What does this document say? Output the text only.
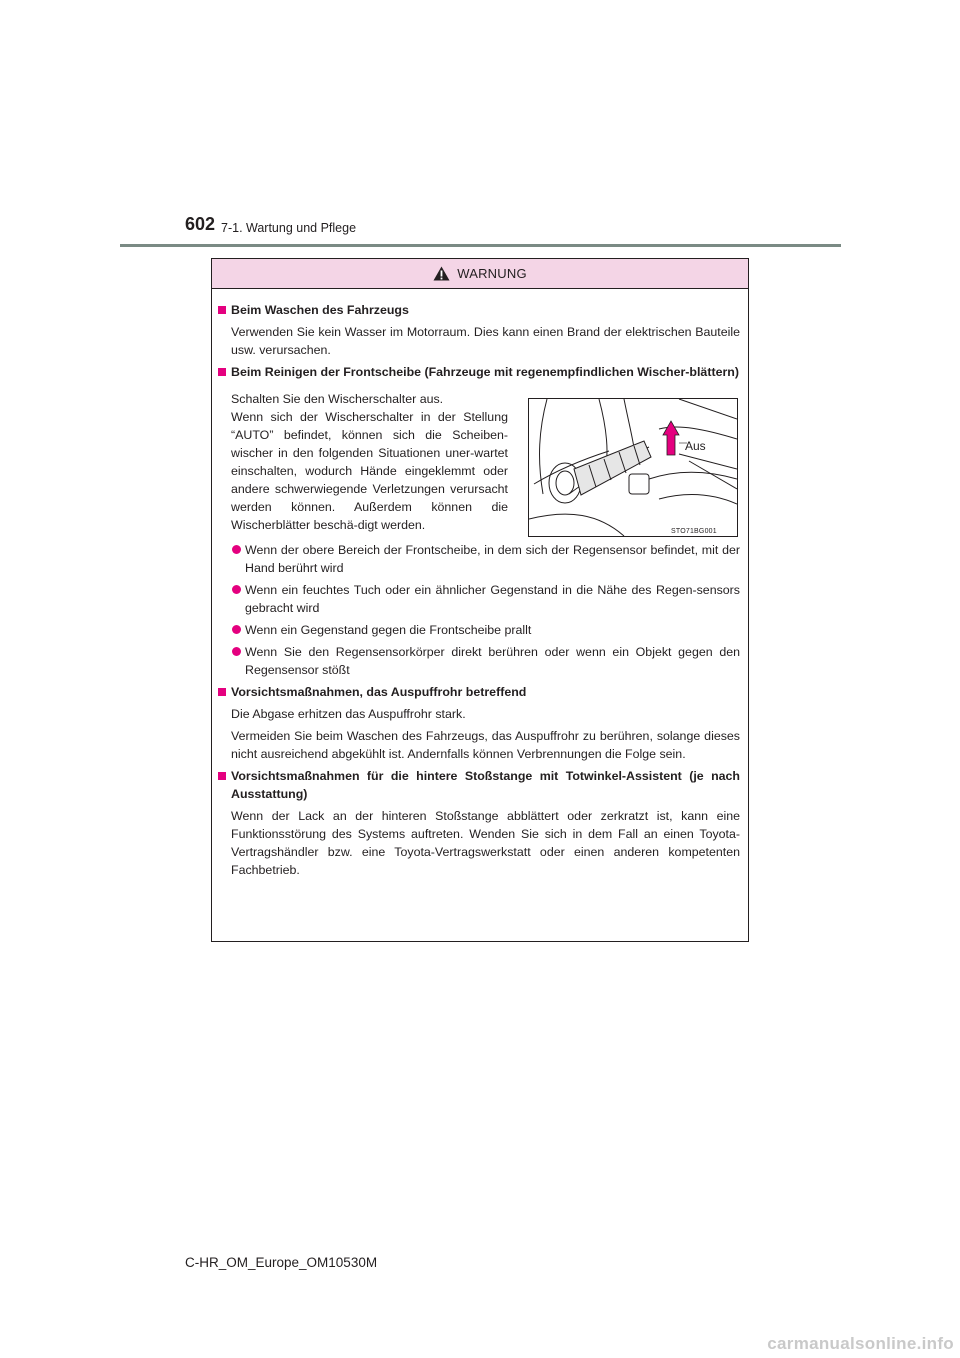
602 7-1. Wartung und Pflege
WARNUNG
Beim Waschen des Fahrzeugs
Verwenden Sie kein Wasser im Motorraum. Dies kann einen Brand der elektrischen Bauteile usw. verursachen.
Beim Reinigen der Frontscheibe (Fahrzeuge mit regenempfindlichen Wischer-blättern)
Schalten Sie den Wischerschalter aus.
Wenn sich der Wischerschalter in der Stellung “AUTO” befindet, können sich die Scheiben-wischer in den folgenden Situationen uner-wartet einschalten, wodurch Hände eingeklemmt oder andere schwerwiegende Verletzungen verursacht werden können. Außerdem können die Wischerblätter beschä-digt werden.
Aus
STO71BG001
Wenn der obere Bereich der Frontscheibe, in dem sich der Regensensor befindet, mit der Hand berührt wird
Wenn ein feuchtes Tuch oder ein ähnlicher Gegenstand in die Nähe des Regen-sensors gebracht wird
Wenn ein Gegenstand gegen die Frontscheibe prallt
Wenn Sie den Regensensorkörper direkt berühren oder wenn ein Objekt gegen den Regensensor stößt
Vorsichtsmaßnahmen, das Auspuffrohr betreffend
Die Abgase erhitzen das Auspuffrohr stark.
Vermeiden Sie beim Waschen des Fahrzeugs, das Auspuffrohr zu berühren, solange dieses nicht ausreichend abgekühlt ist. Andernfalls können Verbrennungen die Folge sein.
Vorsichtsmaßnahmen für die hintere Stoßstange mit Totwinkel-Assistent (je nach Ausstattung)
Wenn der Lack an der hinteren Stoßstange abblättert oder zerkratzt ist, kann eine Funktionsstörung des Systems auftreten. Wenden Sie sich in dem Fall an einen Toyota-Vertragshändler bzw. eine Toyota-Vertragswerkstatt oder einen anderen kompetenten Fachbetrieb.
C-HR_OM_Europe_OM10530M
carmanualsonline.info
